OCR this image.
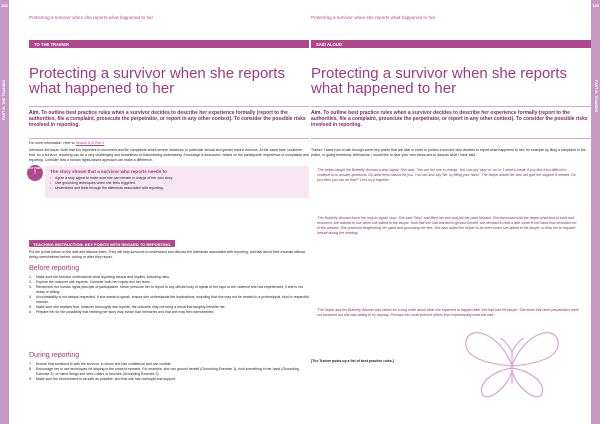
108
PART III: THE TRAINING
109
PART III: TRAINING
Protecting a survivor when she reports what happened to her
TO THE TRAINER
Protecting a survivor when she reports what happened to her
Aim. To outline best practice rules when a survivor decides to describe her experience formally (report to the authorities, file a complaint, prosecute the perpetrator, or report in any other context). To consider the possible risks involved in reporting.
For more information, refer to Section 8 of Part II
Introduce the issue. Note that it is important to document and file complaints about severe violations, in particular sexual and gender based violence. At the same time, underline that, for a survivor, reporting can be a very challenging and sometimes re-traumatizing undertaking. Encourage a discussion, based on the participants' experience of complaints and reporting. Consider how a human rights-based approach can make a difference.
The story shows that a survivor who reports needs to
• Agree a stop signal to make sure she can remain in charge of her own story.
• Use grounding techniques when she feels triggered.
• Understand and think through the dilemmas associated with reporting.
KEY POINT
!
TEACHING INSTRUCTION: KEY POINTS WITH REGARD TO REPORTING.
Put the points below on the wall and discuss them. They will help survivors to understand and discuss the dilemmas associated with reporting, and talk about their traumas without being overwhelmed before, during or after they report.
Before reporting
1. Make sure the survivor understands what reporting means and implies, including risks.
2. Explore the outcome she expects. Consider both her hopes and her fears.
3. Remember the human rights principle of participation. Never pressure her to report to any official body or speak of her rape or the violence she has experienced, if she is not ready or willing.
4. Accountability is not always respected. If she wants to speak, ensure she understands the implications, including that she may not be treated in a professional, kind or respectful manner.
5. Make sure she realises that, however thoroughly she reports, the outcome may not bring a result that tangibly benefits her.
6. Prepare her for the possibility that retelling her story may evoke bad memories and that she may feel overwhelmed.
During reporting
7. Ensure that someone is with the survivor, in whom she has confidence and can confide.
8. Encourage her to use techniques for staying in the present moment. For example, she can ground herself (Grounding Exercise 1), hold something in her hand (Grounding Exercise 3), or name things she sees, hears or touches (Grounding Exercise 2).
9. Make sure the environment is as safe as possible, and that she has oversight and support.
Protecting a survivor when she reports what happened to her
SAID ALOUD
Protecting a survivor when she reports what happened to her
Aim. To outline best practice rules when a survivor decides to describe her experience formally (report to the authorities, file a complaint, prosecute the perpetrator, or report in any other context). To consider the possible risks involved in reporting.
Trainer: I want now to talk through some key points that are vital in order to protect a survivor who decides to report what happened to her; for example by filing a complaint to the police, or giving testimony. Afterwards, I would like to hear your own views and to discuss what I have said.
'The helper taught the Butterfly Woman a stop signal. She said: "You are the one in charge. You can say 'stop' or 'no' or 'I need a break' if you find it too difficult to continue or to answer questions. Do what feels natural for you. You can also say 'No' by lifting your hand." The helper asked her who will give her support if needed. Do you think you can do that?" Let's try it together.'
'The Butterfly Woman found her way to signal 'stop'. She said "Stop" and lifted her arm and put her palm forward. She discussed with the helper what kind of tools and resources she wanted to use when she talked to the lawyer. Now that she had learned to ground herself, she decided to hold a little stone in her hand that reminded her of the present. She practised lengthening her spine and grounding her feet. She also asked the helper to be there when she talked to the lawyer, to help her to regulate herself during the meeting.'
'The helper and the Butterfly Woman also talked for a long while about what she expected to happen after she had told the lawyer. She knew that other perpetrators were not punished but she was willing to try anyway. Perhaps this could prevent others from experiencing what she had.'
[The Trainer posts up a list of best practice rules.]
